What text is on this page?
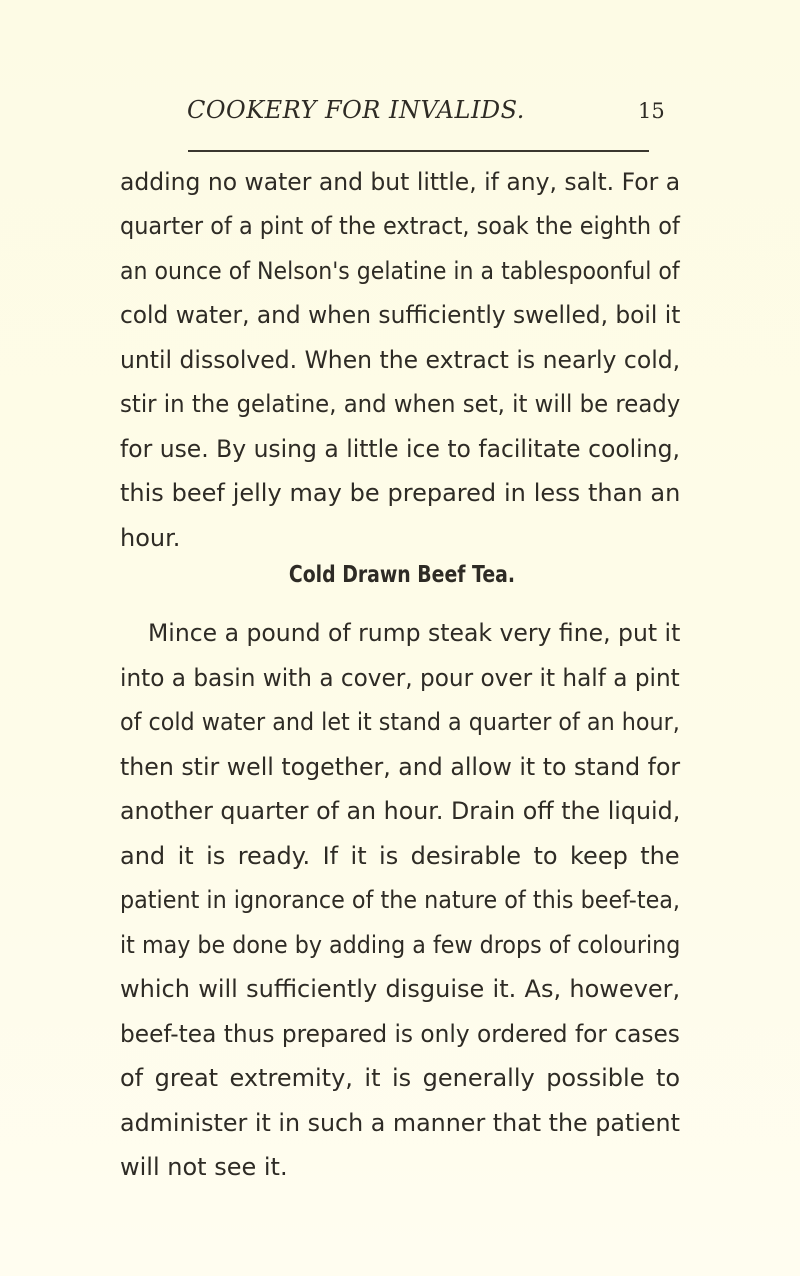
COOKERY FOR INVALIDS.	15
adding no water and but little, if any, salt. For a
quarter of a pint of the extract, soak the eighth of
an ounce of Nelson's gelatine in a tablespoonful of
cold water, and when sufficiently swelled, boil it
until dissolved. When the extract is nearly cold,
stir in the gelatine, and when set, it will be ready
for use. By using a little ice to facilitate cooling,
this beef jelly may be prepared in less than an
hour.
Cold Drawn Beef Tea.
Mince a pound of rump steak very fine, put it
into a basin with a cover, pour over it half a pint
of cold water and let it stand a quarter of an hour,
then stir well together, and allow it to stand for
another quarter of an hour. Drain off the liquid,
and it is ready. If it is desirable to keep the
patient in ignorance of the nature of this beef-tea,
it may be done by adding a few drops of colouring
which will sufficiently disguise it. As, however,
beef-tea thus prepared is only ordered for cases
of great extremity, it is generally possible to
administer it in such a manner that the patient
will not see it.
